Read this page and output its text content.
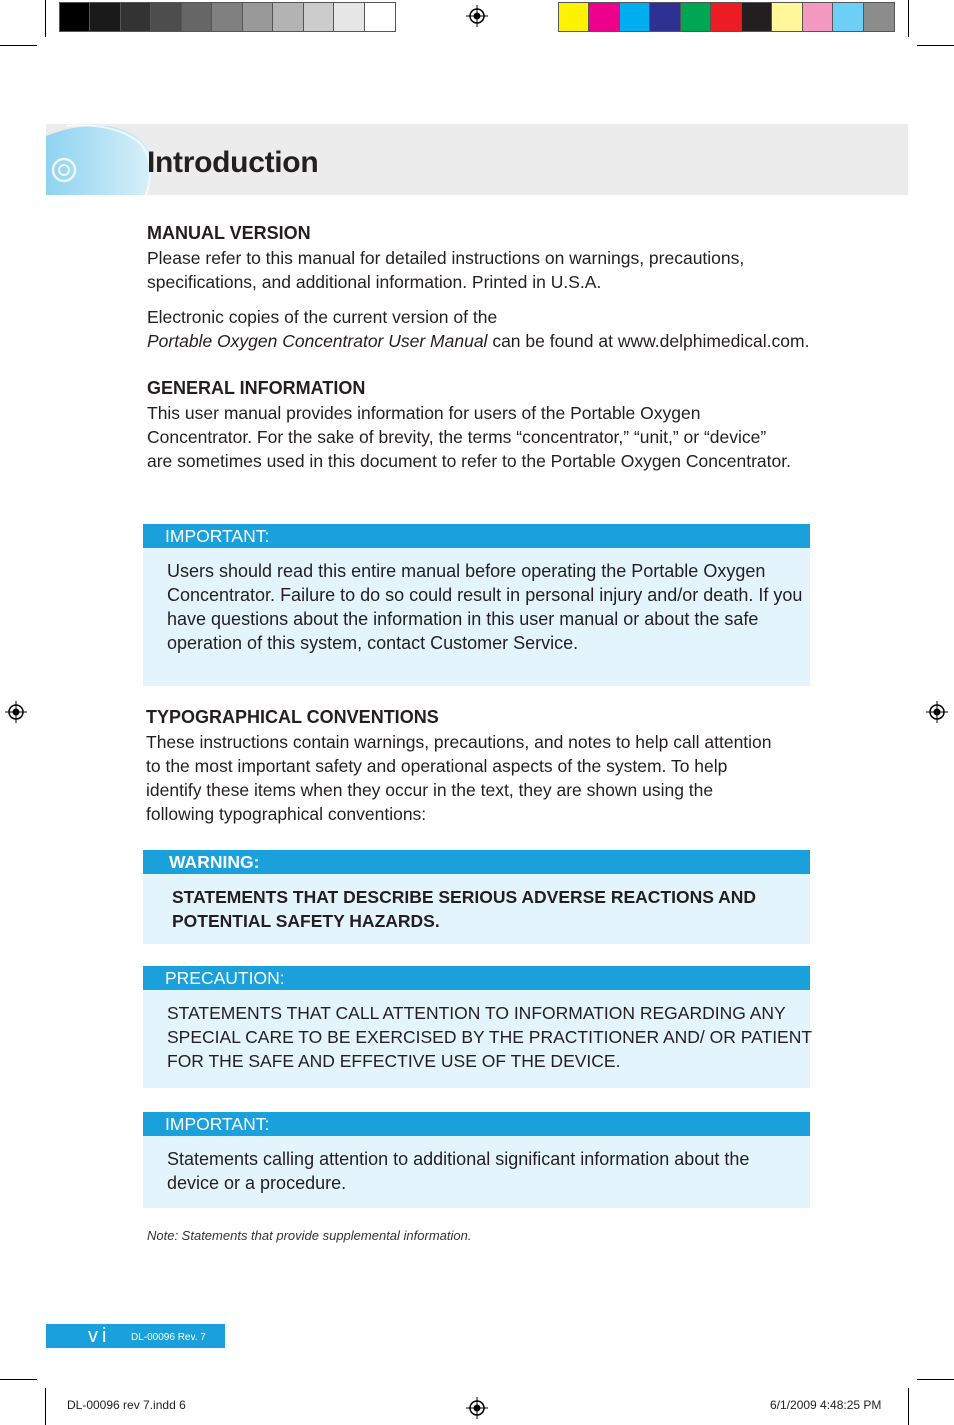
DL-00096 rev 7.indd 6	6/1/2009 4:48:25 PM
Introduction
MANUAL VERSION
Please refer to this manual for detailed instructions on warnings, precautions, specifications, and additional information. Printed in U.S.A.
Electronic copies of the current version of the
Portable Oxygen Concentrator User Manual can be found at www.delphimedical.com.
GENERAL INFORMATION
This user manual provides information for users of the Portable Oxygen Concentrator. For the sake of brevity, the terms “concentrator,” “unit,” or “device” are sometimes used in this document to refer to the Portable Oxygen Concentrator.
IMPORTANT:
Users should read this entire manual before operating the Portable Oxygen Concentrator. Failure to do so could result in personal injury and/or death. If you have questions about the information in this user manual or about the safe operation of this system, contact Customer Service.
TYPOGRAPHICAL CONVENTIONS
These instructions contain warnings, precautions, and notes to help call attention to the most important safety and operational aspects of the system. To help identify these items when they occur in the text, they are shown using the following typographical conventions:
WARNING:
STATEMENTS THAT DESCRIBE SERIOUS ADVERSE REACTIONS AND POTENTIAL SAFETY HAZARDS.
PRECAUTION:
STATEMENTS THAT CALL ATTENTION TO INFORMATION REGARDING ANY SPECIAL CARE TO BE EXERCISED BY THE PRACTITIONER AND/ OR PATIENT FOR THE SAFE AND EFFECTIVE USE OF THE DEVICE.
IMPORTANT:
Statements calling attention to additional significant information about the device or a procedure.
Note: Statements that provide supplemental information.
vi DL-00096 Rev. 7
